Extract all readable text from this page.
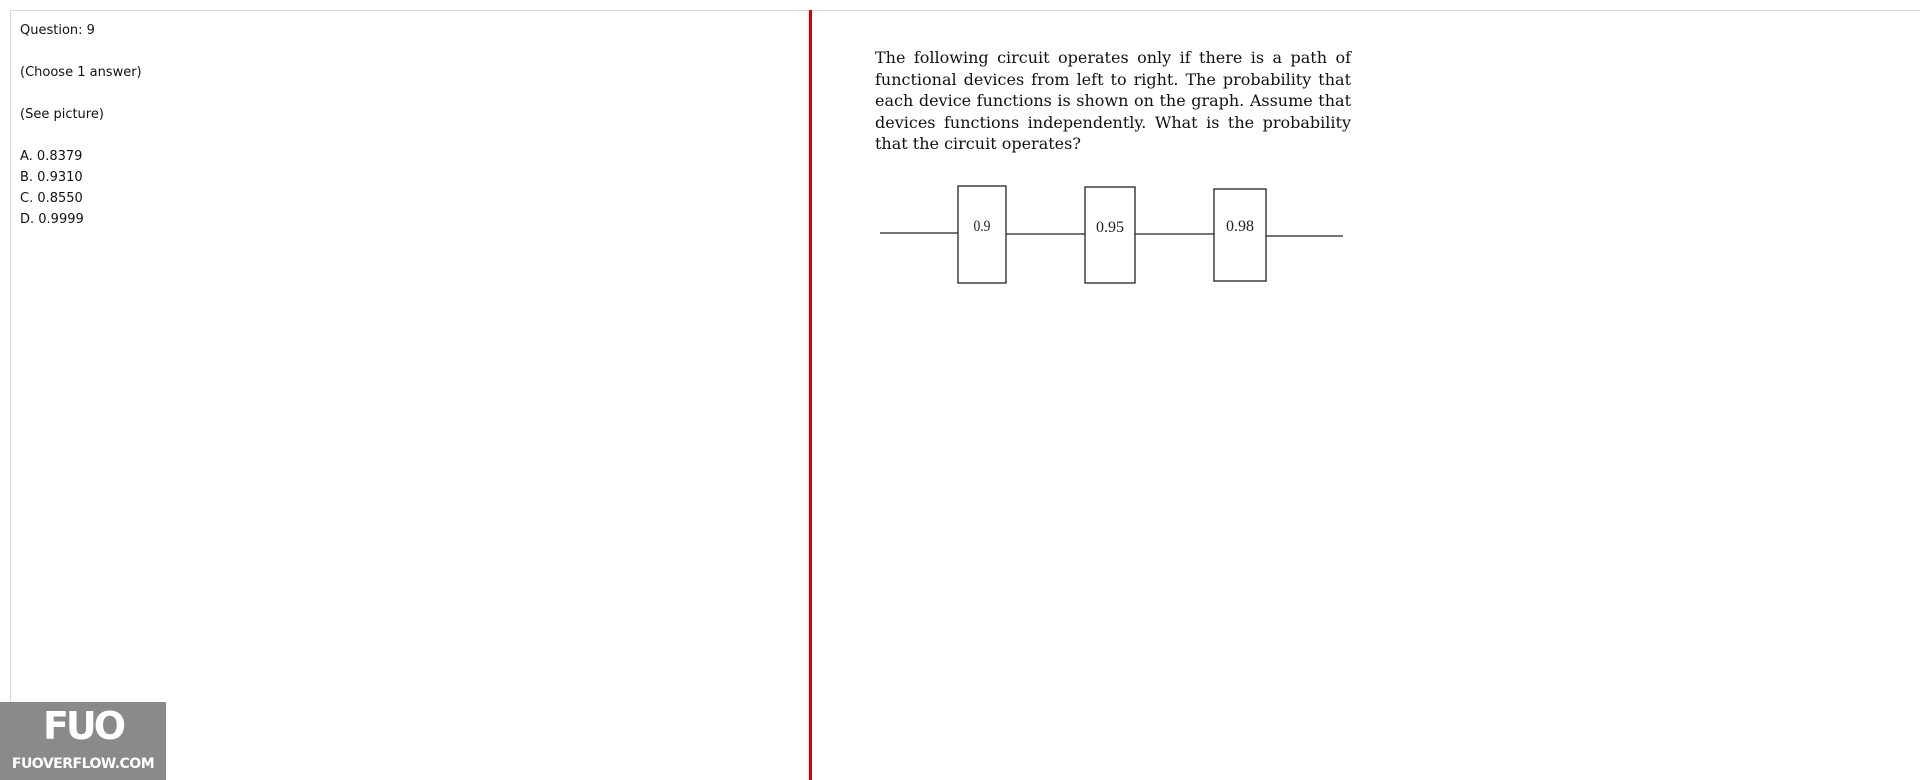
Question: 9
(Choose 1 answer)
(See picture)
A. 0.8379
B. 0.9310
C. 0.8550
D. 0.9999
The following circuit operates only if there is a path of functional devices from left to right. The probability that each device functions is shown on the graph. Assume that devices functions independently. What is the probability that the circuit operates?
0.9	0.95	0.98
FUO
FUOVERFLOW.COM
